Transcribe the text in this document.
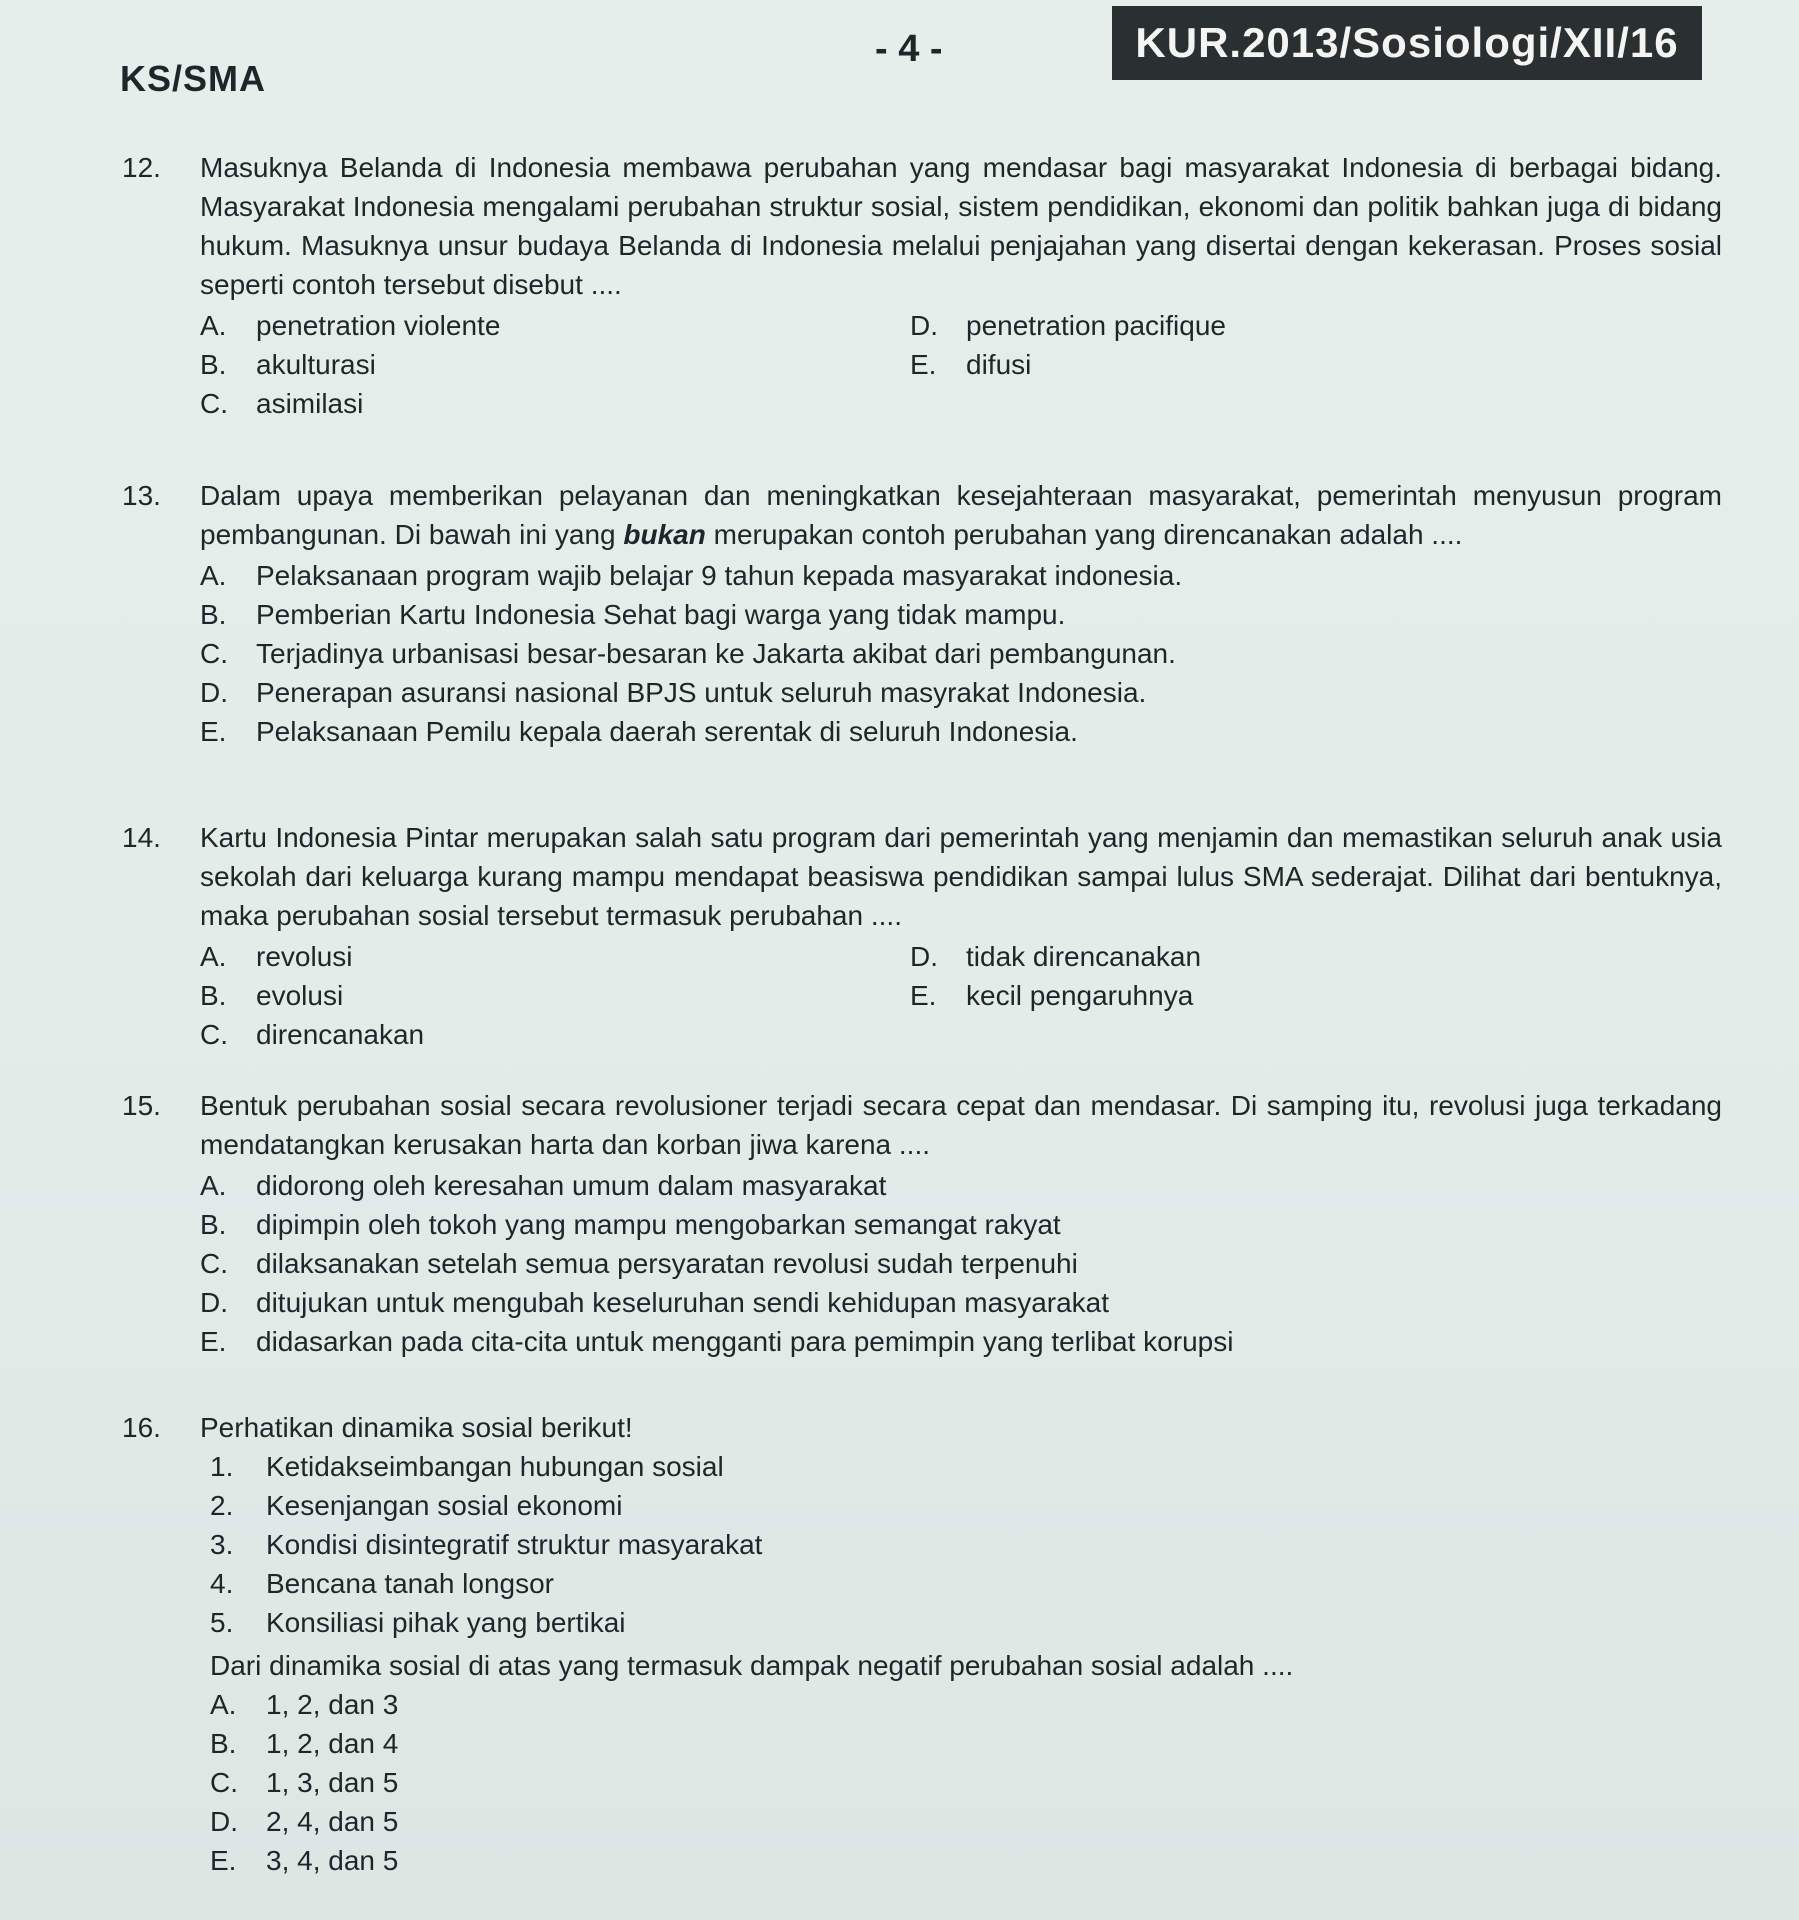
KS/SMA
- 4 -	KUR.2013/Sosiologi/XII/16
12. Masuknya Belanda di Indonesia membawa perubahan yang mendasar bagi masyarakat Indonesia di berbagai bidang. Masyarakat Indonesia mengalami perubahan struktur sosial, sistem pendidikan, ekonomi dan politik bahkan juga di bidang hukum. Masuknya unsur budaya Belanda di Indonesia melalui penjajahan yang disertai dengan kekerasan. Proses sosial seperti contoh tersebut disebut ....
A.	penetration violente	D.	penetration pacifique
B.	akulturasi	E.	difusi
C.	asimilasi
13. Dalam upaya memberikan pelayanan dan meningkatkan kesejahteraan masyarakat, pemerintah menyusun program pembangunan. Di bawah ini yang bukan merupakan contoh perubahan yang direncanakan adalah ....
A.	Pelaksanaan program wajib belajar 9 tahun kepada masyarakat indonesia.
B.	Pemberian Kartu Indonesia Sehat bagi warga yang tidak mampu.
C.	Terjadinya urbanisasi besar-besaran ke Jakarta akibat dari pembangunan.
D.	Penerapan asuransi nasional BPJS untuk seluruh masyrakat Indonesia.
E.	Pelaksanaan Pemilu kepala daerah serentak di seluruh Indonesia.
14. Kartu Indonesia Pintar merupakan salah satu program dari pemerintah yang menjamin dan memastikan seluruh anak usia sekolah dari keluarga kurang mampu mendapat beasiswa pendidikan sampai lulus SMA sederajat. Dilihat dari bentuknya, maka perubahan sosial tersebut termasuk perubahan ....
A.	revolusi	D.	tidak direncanakan
B.	evolusi	E.	kecil pengaruhnya
C.	direncanakan
15. Bentuk perubahan sosial secara revolusioner terjadi secara cepat dan mendasar. Di samping itu, revolusi juga terkadang mendatangkan kerusakan harta dan korban jiwa karena ....
A.	didorong oleh keresahan umum dalam masyarakat
B.	dipimpin oleh tokoh yang mampu mengobarkan semangat rakyat
C.	dilaksanakan setelah semua persyaratan revolusi sudah terpenuhi
D.	ditujukan untuk mengubah keseluruhan sendi kehidupan masyarakat
E.	didasarkan pada cita-cita untuk mengganti para pemimpin yang terlibat korupsi
16. Perhatikan dinamika sosial berikut!
1.	Ketidakseimbangan hubungan sosial
2.	Kesenjangan sosial ekonomi
3.	Kondisi disintegratif struktur masyarakat
4.	Bencana tanah longsor
5.	Konsiliasi pihak yang bertikai
Dari dinamika sosial di atas yang termasuk dampak negatif perubahan sosial adalah ....
A.	1, 2, dan 3
B.	1, 2, dan 4
C.	1, 3, dan 5
D.	2, 4, dan 5
E.	3, 4, dan 5
